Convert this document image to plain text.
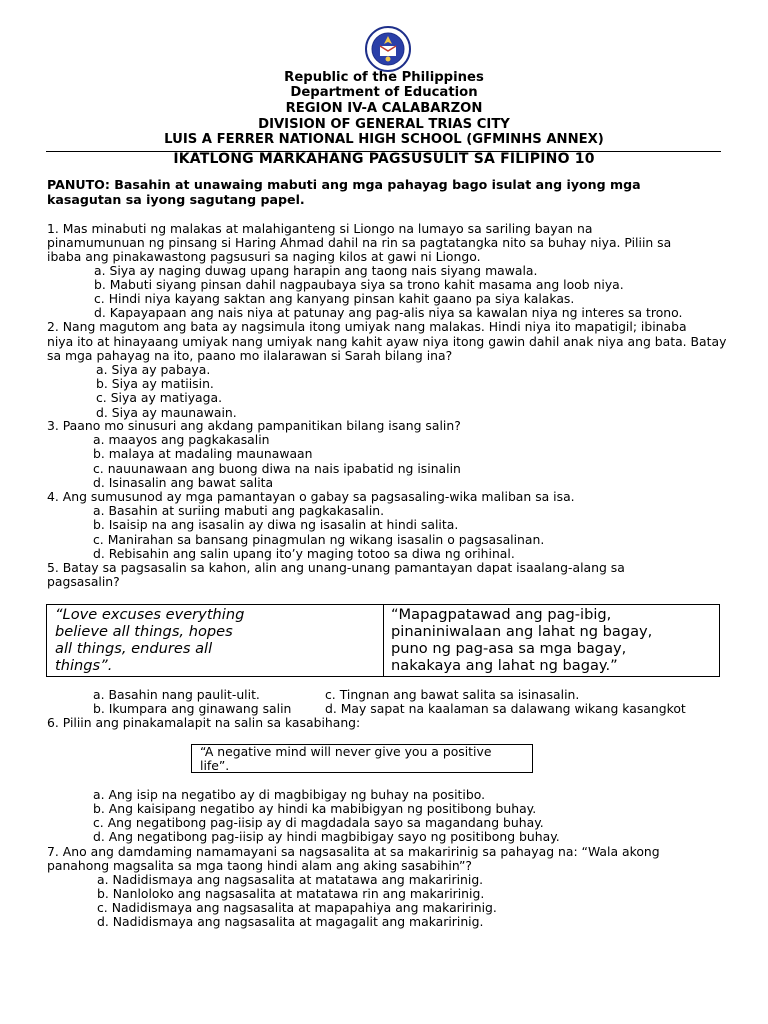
Republic of the Philippines
Department of Education
REGION IV-A CALABARZON
DIVISION OF GENERAL TRIAS CITY
LUIS A FERRER NATIONAL HIGH SCHOOL (GFMINHS ANNEX)
IKATLONG MARKAHANG PAGSUSULIT SA FILIPINO 10
PANUTO: Basahin at unawaing mabuti ang mga pahayag bago isulat ang iyong mga
kasagutan sa iyong sagutang papel.
1. Mas minabuti ng malakas at malahiganteng si Liongo na lumayo sa sariling bayan na
pinamumunuan ng pinsang si Haring Ahmad dahil na rin sa pagtatangka nito sa buhay niya. Piliin sa
ibaba ang pinakawastong pagsusuri sa naging kilos at gawi ni Liongo.
a. Siya ay naging duwag upang harapin ang taong nais siyang mawala.
b. Mabuti siyang pinsan dahil nagpaubaya siya sa trono kahit masama ang loob niya.
c. Hindi niya kayang saktan ang kanyang pinsan kahit gaano pa siya kalakas.
d. Kapayapaan ang nais niya at patunay ang pag-alis niya sa kawalan niya ng interes sa trono.
2. Nang magutom ang bata ay nagsimula itong umiyak nang malakas. Hindi niya ito mapatigil; ibinaba
niya ito at hinayaang umiyak nang umiyak nang kahit ayaw niya itong gawin dahil anak niya ang bata. Batay
sa mga pahayag na ito, paano mo ilalarawan si Sarah bilang ina?
a. Siya ay pabaya.
b. Siya ay matiisin.
c. Siya ay matiyaga.
d. Siya ay maunawain.
3. Paano mo sinusuri ang akdang pampanitikan bilang isang salin?
a. maayos ang pagkakasalin
b. malaya at madaling maunawaan
c. nauunawaan ang buong diwa na nais ipabatid ng isinalin
d. Isinasalin ang bawat salita
4. Ang sumusunod ay mga pamantayan o gabay sa pagsasaling-wika maliban sa isa.
a. Basahin at suriing mabuti ang pagkakasalin.
b. Isaisip na ang isasalin ay diwa ng isasalin at hindi salita.
c. Manirahan sa bansang pinagmulan ng wikang isasalin o pagsasalinan.
d. Rebisahin ang salin upang ito’y maging totoo sa diwa ng orihinal.
5. Batay sa pagsasalin sa kahon, alin ang unang-unang pamantayan dapat isaalang-alang sa
pagsasalin?
“Love excuses everything
believe all things, hopes
all things, endures all
things”.
“Mapagpatawad ang pag-ibig,
pinaniniwalaan ang lahat ng bagay,
puno ng pag-asa sa mga bagay,
nakakaya ang lahat ng bagay.”
a. Basahin nang paulit-ulit.	c. Tingnan ang bawat salita sa isinasalin.
b. Ikumpara ang ginawang salin	d. May sapat na kaalaman sa dalawang wikang kasangkot
6. Piliin ang pinakamalapit na salin sa kasabihang:
“A negative mind will never give you a positive
life”.
a. Ang isip na negatibo ay di magbibigay ng buhay na positibo.
b. Ang kaisipang negatibo ay hindi ka mabibigyan ng positibong buhay.
c. Ang negatibong pag-iisip ay di magdadala sayo sa magandang buhay.
d. Ang negatibong pag-iisip ay hindi magbibigay sayo ng positibong buhay.
7. Ano ang damdaming namamayani sa nagsasalita at sa makaririnig sa pahayag na: “Wala akong
panahong magsalita sa mga taong hindi alam ang aking sasabihin”?
a. Nadidismaya ang nagsasalita at matatawa ang makaririnig.
b. Nanloloko ang nagsasalita at matatawa rin ang makaririnig.
c. Nadidismaya ang nagsasalita at mapapahiya ang makaririnig.
d. Nadidismaya ang nagsasalita at magagalit ang makaririnig.
